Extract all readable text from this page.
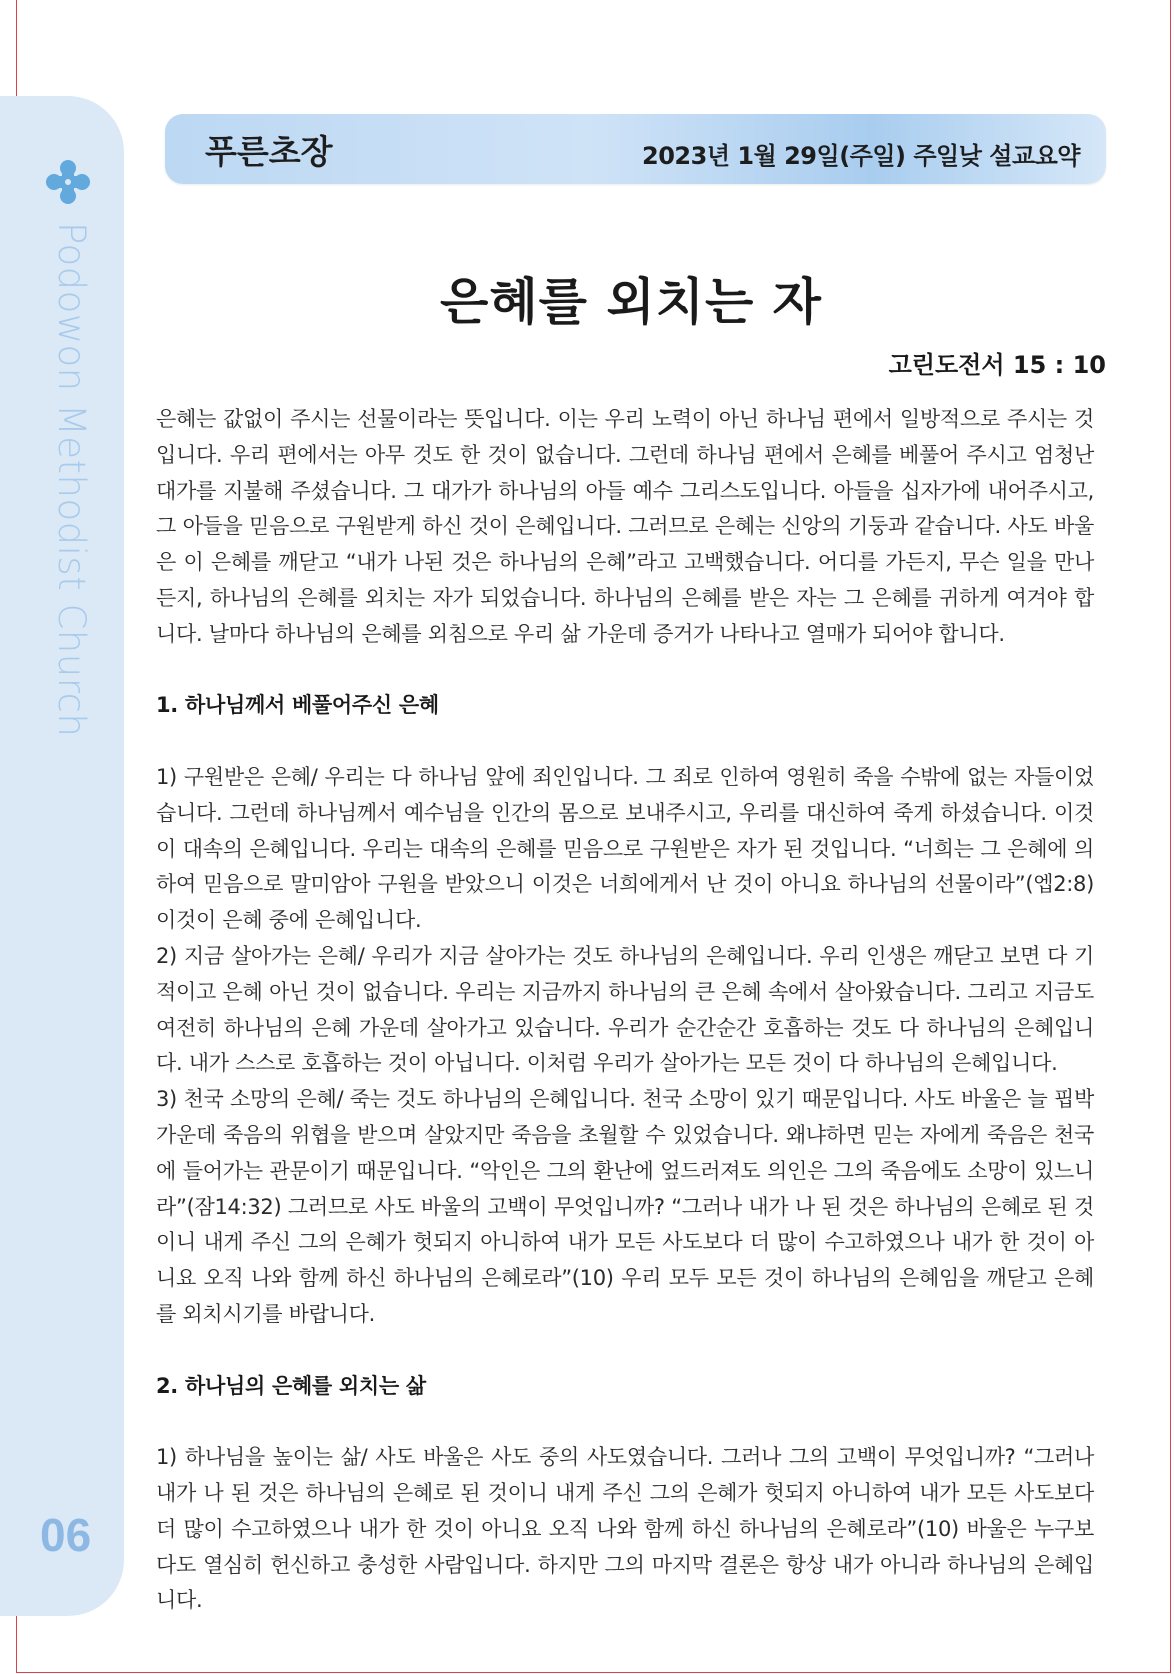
Podowon Methodist Church
06
푸른초장	2023년 1월 29일(주일) 주일낮 설교요약
은혜를 외치는 자
고린도전서 15 : 10

은혜는 값없이 주시는 선물이라는 뜻입니다. 이는 우리 노력이 아닌 하나님 편에서 일방적으로 주시는 것입니다. 우리 편에서는 아무 것도 한 것이 없습니다. 그런데 하나님 편에서 은혜를 베풀어 주시고 엄청난 대가를 지불해 주셨습니다. 그 대가가 하나님의 아들 예수 그리스도입니다. 아들을 십자가에 내어주시고, 그 아들을 믿음으로 구원받게 하신 것이 은혜입니다. 그러므로 은혜는 신앙의 기둥과 같습니다. 사도 바울은 이 은혜를 깨닫고 “내가 나된 것은 하나님의 은혜”라고 고백했습니다. 어디를 가든지, 무슨 일을 만나든지, 하나님의 은혜를 외치는 자가 되었습니다. 하나님의 은혜를 받은 자는 그 은혜를 귀하게 여겨야 합니다. 날마다 하나님의 은혜를 외침으로 우리 삶 가운데 증거가 나타나고 열매가 되어야 합니다.

1. 하나님께서 베풀어주신 은혜

1) 구원받은 은혜/ 우리는 다 하나님 앞에 죄인입니다. 그 죄로 인하여 영원히 죽을 수밖에 없는 자들이었습니다. 그런데 하나님께서 예수님을 인간의 몸으로 보내주시고, 우리를 대신하여 죽게 하셨습니다. 이것이 대속의 은혜입니다. 우리는 대속의 은혜를 믿음으로 구원받은 자가 된 것입니다. “너희는 그 은혜에 의하여 믿음으로 말미암아 구원을 받았으니 이것은 너희에게서 난 것이 아니요 하나님의 선물이라”(엡2:8) 이것이 은혜 중에 은혜입니다.

2) 지금 살아가는 은혜/ 우리가 지금 살아가는 것도 하나님의 은혜입니다. 우리 인생은 깨닫고 보면 다 기적이고 은혜 아닌 것이 없습니다. 우리는 지금까지 하나님의 큰 은혜 속에서 살아왔습니다. 그리고 지금도 여전히 하나님의 은혜 가운데 살아가고 있습니다. 우리가 순간순간 호흡하는 것도 다 하나님의 은혜입니다. 내가 스스로 호흡하는 것이 아닙니다. 이처럼 우리가 살아가는 모든 것이 다 하나님의 은혜입니다.

3) 천국 소망의 은혜/ 죽는 것도 하나님의 은혜입니다. 천국 소망이 있기 때문입니다. 사도 바울은 늘 핍박 가운데 죽음의 위협을 받으며 살았지만 죽음을 초월할 수 있었습니다. 왜냐하면 믿는 자에게 죽음은 천국에 들어가는 관문이기 때문입니다. “악인은 그의 환난에 엎드러져도 의인은 그의 죽음에도 소망이 있느니라”(잠14:32) 그러므로 사도 바울의 고백이 무엇입니까? “그러나 내가 나 된 것은 하나님의 은혜로 된 것이니 내게 주신 그의 은혜가 헛되지 아니하여 내가 모든 사도보다 더 많이 수고하였으나 내가 한 것이 아니요 오직 나와 함께 하신 하나님의 은혜로라”(10) 우리 모두 모든 것이 하나님의 은혜임을 깨닫고 은혜를 외치시기를 바랍니다.

2. 하나님의 은혜를 외치는 삶

1) 하나님을 높이는 삶/ 사도 바울은 사도 중의 사도였습니다. 그러나 그의 고백이 무엇입니까? “그러나 내가 나 된 것은 하나님의 은혜로 된 것이니 내게 주신 그의 은혜가 헛되지 아니하여 내가 모든 사도보다 더 많이 수고하였으나 내가 한 것이 아니요 오직 나와 함께 하신 하나님의 은혜로라”(10) 바울은 누구보다도 열심히 헌신하고 충성한 사람입니다. 하지만 그의 마지막 결론은 항상 내가 아니라 하나님의 은혜입니다.
